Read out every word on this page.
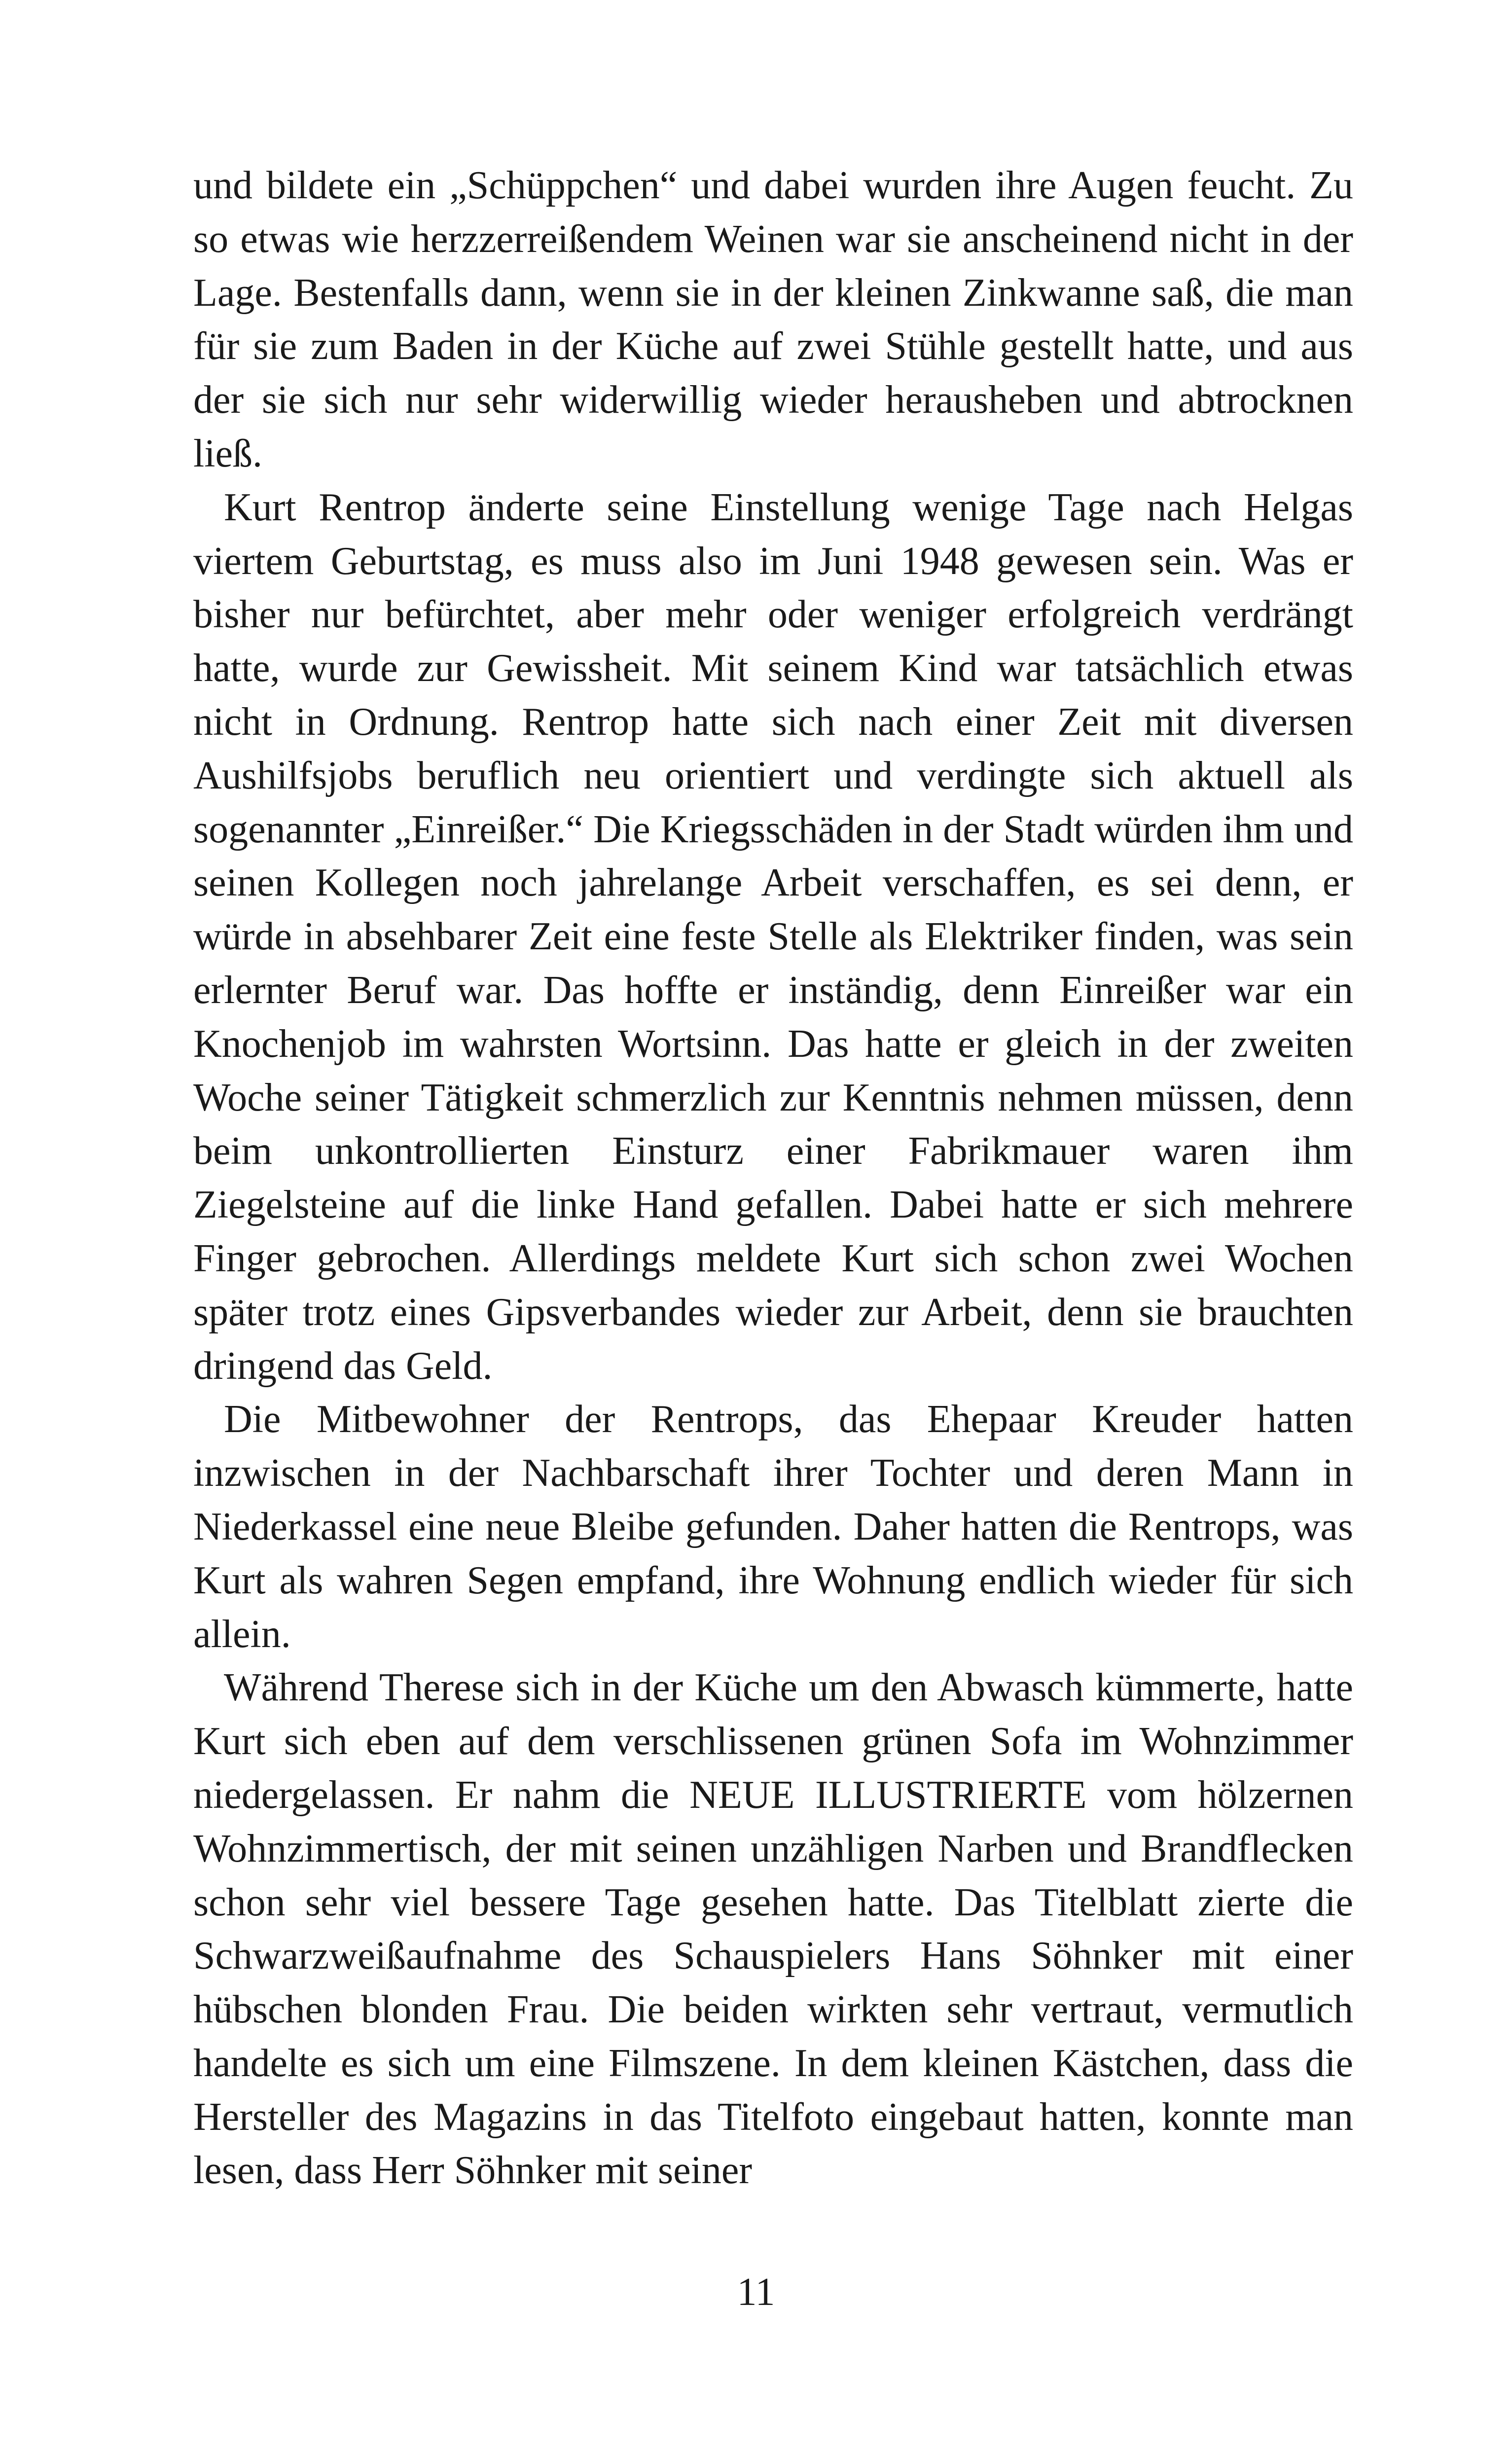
und bildete ein „Schüppchen“ und dabei wurden ihre Augen feucht. Zu so etwas wie herzzerreißendem Weinen war sie anscheinend nicht in der Lage. Bestenfalls dann, wenn sie in der kleinen Zinkwanne saß, die man für sie zum Baden in der Küche auf zwei Stühle gestellt hatte, und aus der sie sich nur sehr widerwillig wieder herausheben und abtrocknen ließ.

Kurt Rentrop änderte seine Einstellung wenige Tage nach Helgas viertem Geburtstag, es muss also im Juni 1948 gewesen sein. Was er bisher nur befürchtet, aber mehr oder weniger erfolgreich verdrängt hatte, wurde zur Gewissheit. Mit seinem Kind war tatsächlich etwas nicht in Ordnung. Rentrop hatte sich nach einer Zeit mit diversen Aushilfsjobs beruflich neu orientiert und verdingte sich aktuell als sogenannter „Einreißer.“ Die Kriegsschäden in der Stadt würden ihm und seinen Kollegen noch jahrelange Arbeit verschaffen, es sei denn, er würde in absehbarer Zeit eine feste Stelle als Elektriker finden, was sein erlernter Beruf war. Das hoffte er inständig, denn Einreißer war ein Knochenjob im wahrsten Wortsinn. Das hatte er gleich in der zweiten Woche seiner Tätigkeit schmerzlich zur Kenntnis nehmen müssen, denn beim unkontrollierten Einsturz einer Fabrikmauer waren ihm Ziegelsteine auf die linke Hand gefallen. Dabei hatte er sich mehrere Finger gebrochen. Allerdings meldete Kurt sich schon zwei Wochen später trotz eines Gipsverbandes wieder zur Arbeit, denn sie brauchten dringend das Geld.

Die Mitbewohner der Rentrops, das Ehepaar Kreuder hatten inzwischen in der Nachbarschaft ihrer Tochter und deren Mann in Niederkassel eine neue Bleibe gefunden. Daher hatten die Rentrops, was Kurt als wahren Segen empfand, ihre Wohnung endlich wieder für sich allein.

Während Therese sich in der Küche um den Abwasch kümmerte, hatte Kurt sich eben auf dem verschlissenen grünen Sofa im Wohnzimmer niedergelassen. Er nahm die NEUE ILLUSTRIERTE vom hölzernen Wohnzimmertisch, der mit seinen unzähligen Narben und Brandflecken schon sehr viel bessere Tage gesehen hatte. Das Titelblatt zierte die Schwarzweißaufnahme des Schauspielers Hans Söhnker mit einer hübschen blonden Frau. Die beiden wirkten sehr vertraut, vermutlich handelte es sich um eine Filmszene. In dem kleinen Kästchen, dass die Hersteller des Magazins in das Titelfoto eingebaut hatten, konnte man lesen, dass Herr Söhnker mit seiner

11
